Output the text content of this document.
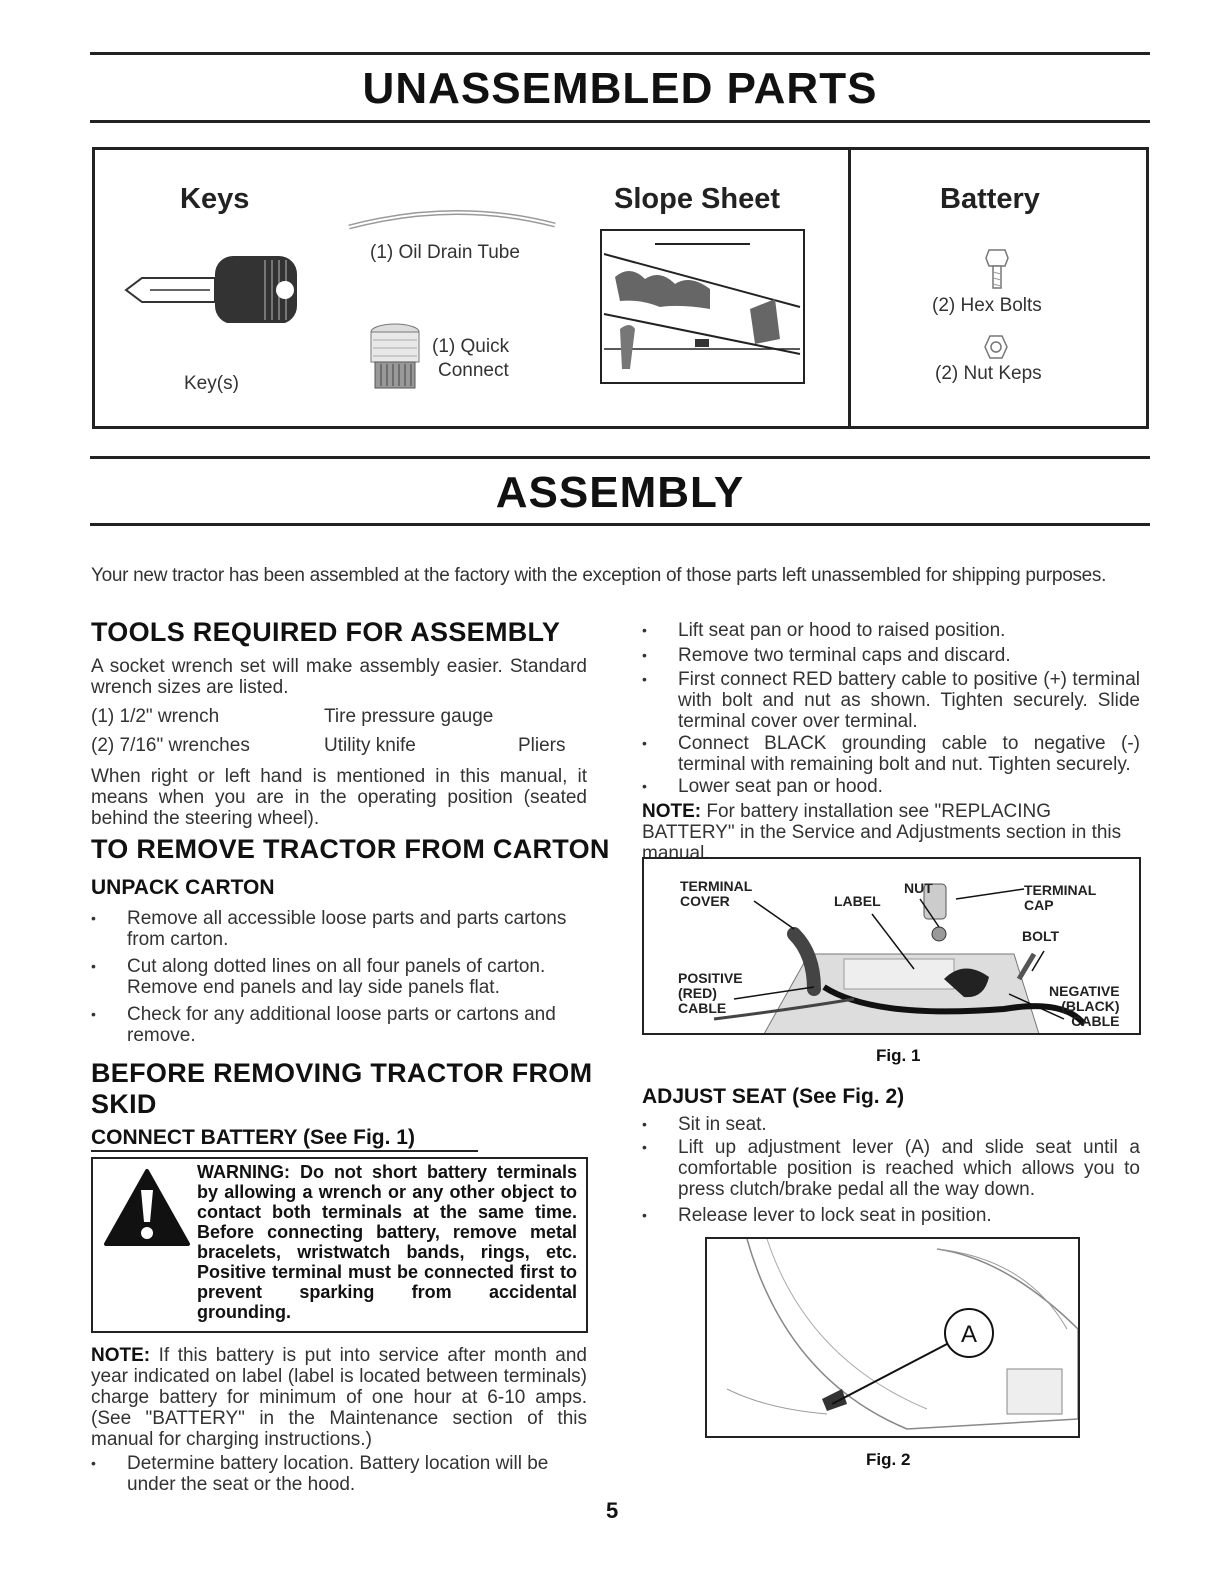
UNASSEMBLED PARTS
Keys
Key(s)
(1) Oil Drain Tube
(1) Quick
Connect
Slope Sheet	Battery
(2) Hex Bolts
(2) Nut Keps
ASSEMBLY
Your new tractor has been assembled at the factory with the exception of those parts left unassembled for shipping purposes.
TOOLS REQUIRED FOR ASSEMBLY
A socket wrench set will make assembly easier. Standard wrench sizes are listed.
(1) 1/2" wrench	Tire pressure gauge
(2) 7/16" wrenches	Utility knife	Pliers
When right or left hand is mentioned in this manual, it means when you are in the operating position (seated behind the steering wheel).
TO REMOVE TRACTOR FROM CARTON
UNPACK CARTON
• Remove all accessible loose parts and parts cartons from carton.
• Cut along dotted lines on all four panels of carton. Remove end panels and lay side panels flat.
• Check for any additional loose parts or cartons and remove.
BEFORE REMOVING TRACTOR FROM
SKID
CONNECT BATTERY (See Fig. 1)
WARNING: Do not short battery terminals by allowing a wrench or any other object to contact both terminals at the same time. Before connecting battery, remove metal bracelets, wristwatch bands, rings, etc. Positive terminal must be connected first to prevent sparking from accidental grounding.
NOTE: If this battery is put into service after month and year indicated on label (label is located between terminals) charge battery for minimum of one hour at 6-10 amps. (See "BATTERY" in the Maintenance section of this manual for charging instructions.)
• Determine battery location. Battery location will be under the seat or the hood.
• Lift seat pan or hood to raised position.
• Remove two terminal caps and discard.
• First connect RED battery cable to positive (+) terminal with bolt and nut as shown. Tighten securely. Slide terminal cover over terminal.
• Connect BLACK grounding cable to negative (-) terminal with remaining bolt and nut. Tighten securely.
• Lower seat pan or hood.
NOTE: For battery installation see "REPLACING BATTERY" in the Service and Adjustments section in this manual.
TERMINAL
COVER	LABEL
NUT	TERMINAL
CAP
BOLT
POSITIVE
(RED)
CABLE
NEGATIVE
(BLACK)
CABLE
Fig. 1
ADJUST SEAT (See Fig. 2)
• Sit in seat.
• Lift up adjustment lever (A) and slide seat until a comfortable position is reached which allows you to press clutch/brake pedal all the way down.
• Release lever to lock seat in position.
A
Fig. 2
5
